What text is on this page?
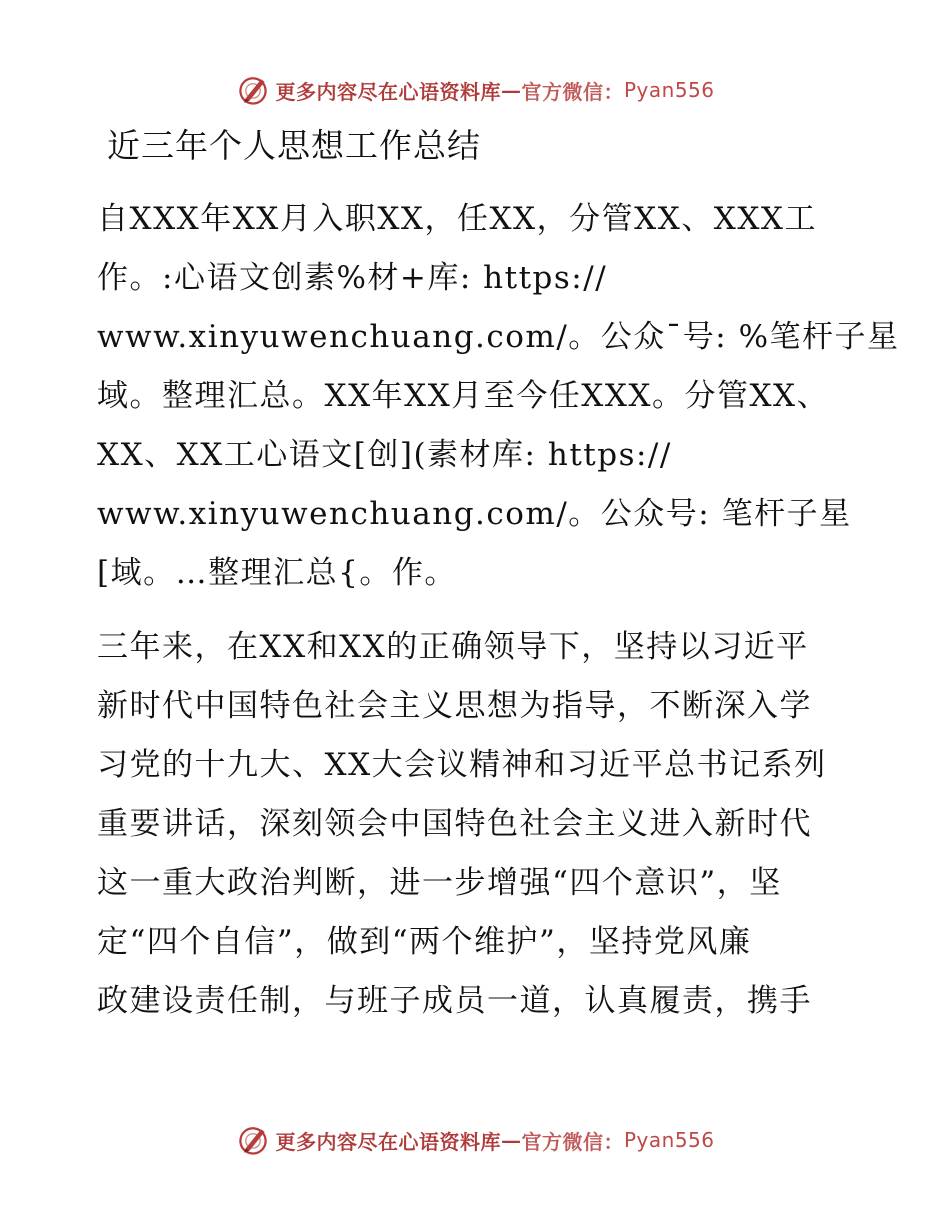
更多内容尽在心语资料库 — 官方微信： Pyan556
近三年个人思想工作总结

自XXX年XX月入职XX，任XX，分管XX、XXX工
作。:心语文创素%材+库: https://
www.xinyuwenchuang.com/。公众¯号: %笔杆子星
域。整理汇总。XX年XX月至今任XXX。分管XX、
XX、XX工心语文[创](素材库: https://
www.xinyuwenchuang.com/。公众号: 笔杆子星
[域。…整理汇总{。作。

三年来，在XX和XX的正确领导下，坚持以习近平
新时代中国特色社会主义思想为指导，不断深入学
习党的十九大、XX大会议精神和习近平总书记系列
重要讲话，深刻领会中国特色社会主义进入新时代
这一重大政治判断，进一步增强“四个意识”，坚
定“四个自信”，做到“两个维护”，坚持党风廉
政建设责任制，与班子成员一道，认真履责，携手

更多内容尽在心语资料库 — 官方微信： Pyan556
